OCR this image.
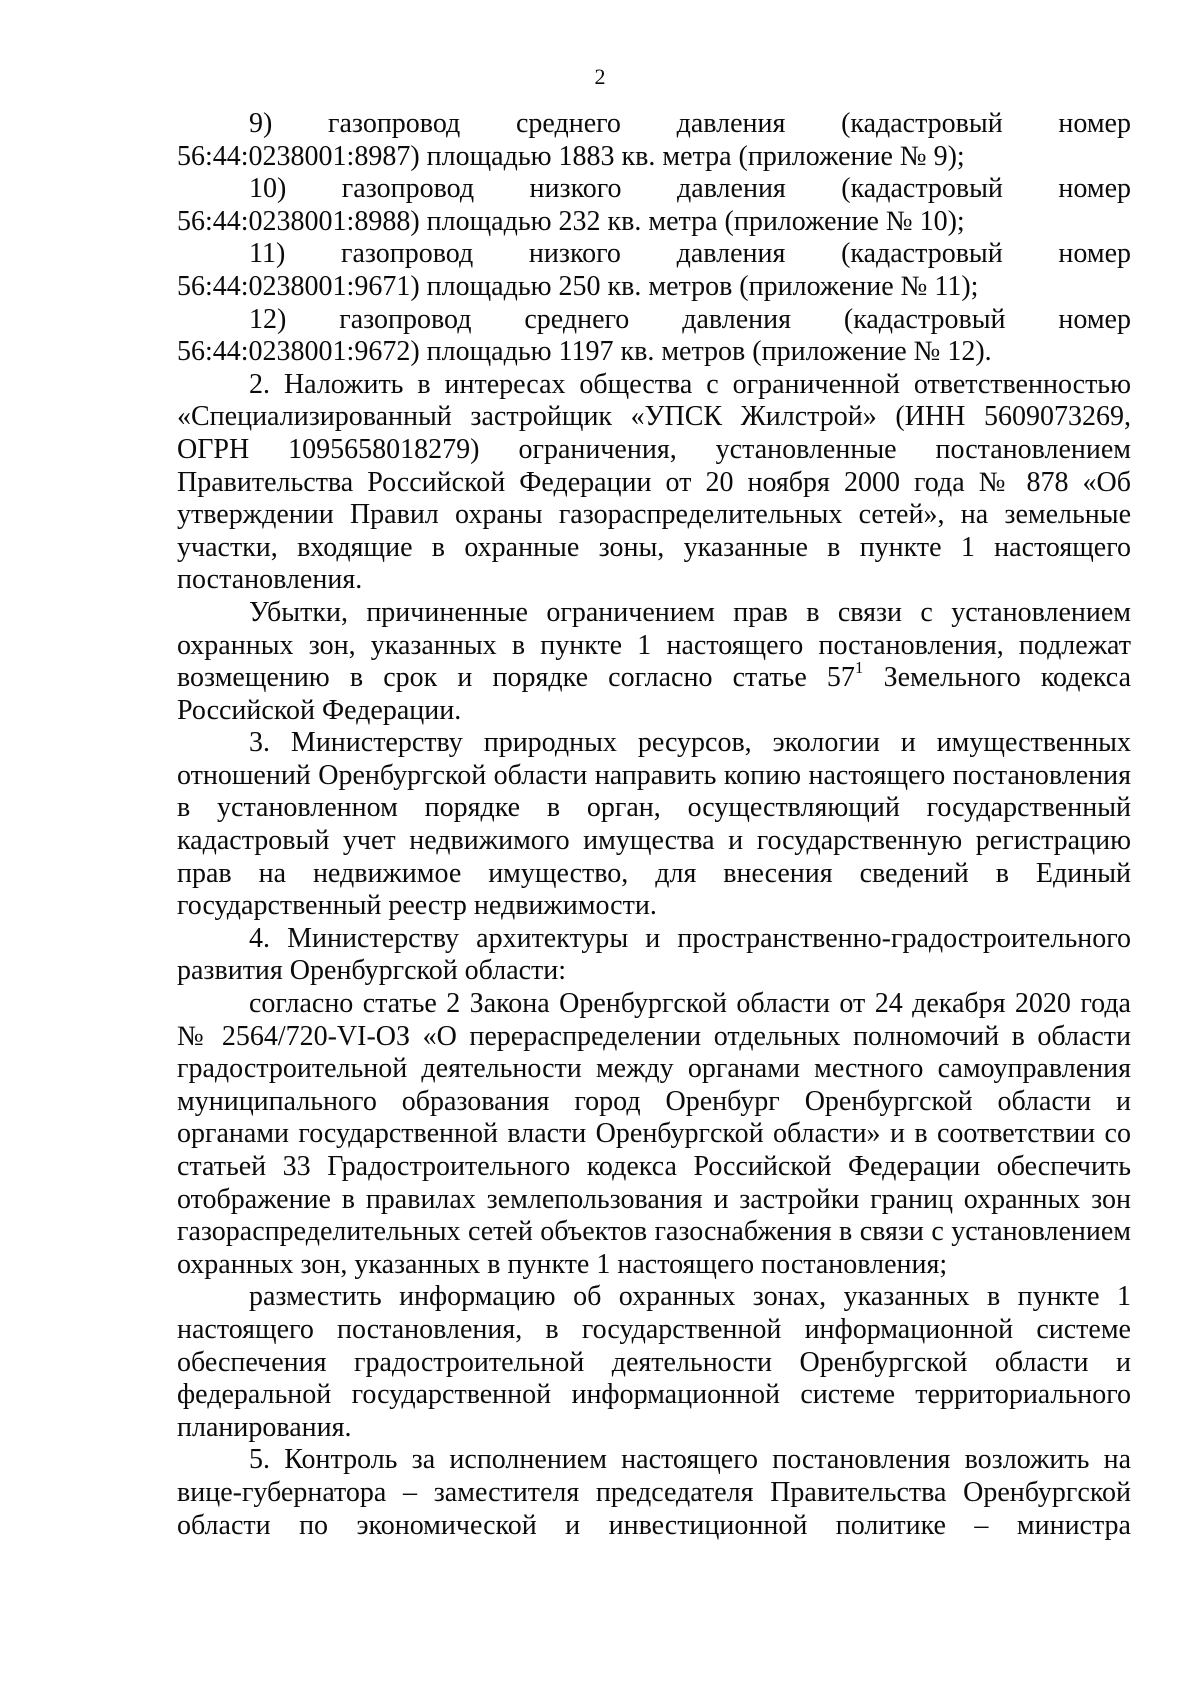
2

9) газопровод среднего давления (кадастровый номер 56:44:0238001:8987) площадью 1883 кв. метра (приложение № 9);

10) газопровод низкого давления (кадастровый номер 56:44:0238001:8988) площадью 232 кв. метра (приложение № 10);

11) газопровод низкого давления (кадастровый номер 56:44:0238001:9671) площадью 250 кв. метров (приложение № 11);

12) газопровод среднего давления (кадастровый номер 56:44:0238001:9672) площадью 1197 кв. метров (приложение № 12).

2. Наложить в интересах общества с ограниченной ответственностью «Специализированный застройщик «УПСК Жилстрой» (ИНН 5609073269, ОГРН 1095658018279) ограничения, установленные постановлением Правительства Российской Федерации от 20 ноября 2000 года № 878 «Об утверждении Правил охраны газораспределительных сетей», на земельные участки, входящие в охранные зоны, указанные в пункте 1 настоящего постановления.

Убытки, причиненные ограничением прав в связи с установлением охранных зон, указанных в пункте 1 настоящего постановления, подлежат возмещению в срок и порядке согласно статье $57^1$ Земельного кодекса Российской Федерации.

3. Министерству природных ресурсов, экологии и имущественных отношений Оренбургской области направить копию настоящего постановления в установленном порядке в орган, осуществляющий государственный кадастровый учет недвижимого имущества и государственную регистрацию прав на недвижимое имущество, для внесения сведений в Единый государственный реестр недвижимости.

4. Министерству архитектуры и пространственно-градостроительного развития Оренбургской области:

согласно статье 2 Закона Оренбургской области от 24 декабря 2020 года № 2564/720-VI-ОЗ «О перераспределении отдельных полномочий в области градостроительной деятельности между органами местного самоуправления муниципального образования город Оренбург Оренбургской области и органами государственной власти Оренбургской области» и в соответствии со статьей 33 Градостроительного кодекса Российской Федерации обеспечить отображение в правилах землепользования и застройки границ охранных зон газораспределительных сетей объектов газоснабжения в связи с установлением охранных зон, указанных в пункте 1 настоящего постановления;

разместить информацию об охранных зонах, указанных в пункте 1 настоящего постановления, в государственной информационной системе обеспечения градостроительной деятельности Оренбургской области и федеральной государственной информационной системе территориального планирования.

5. Контроль за исполнением настоящего постановления возложить на вице-губернатора – заместителя председателя Правительства Оренбургской области по экономической и инвестиционной политике – министра
